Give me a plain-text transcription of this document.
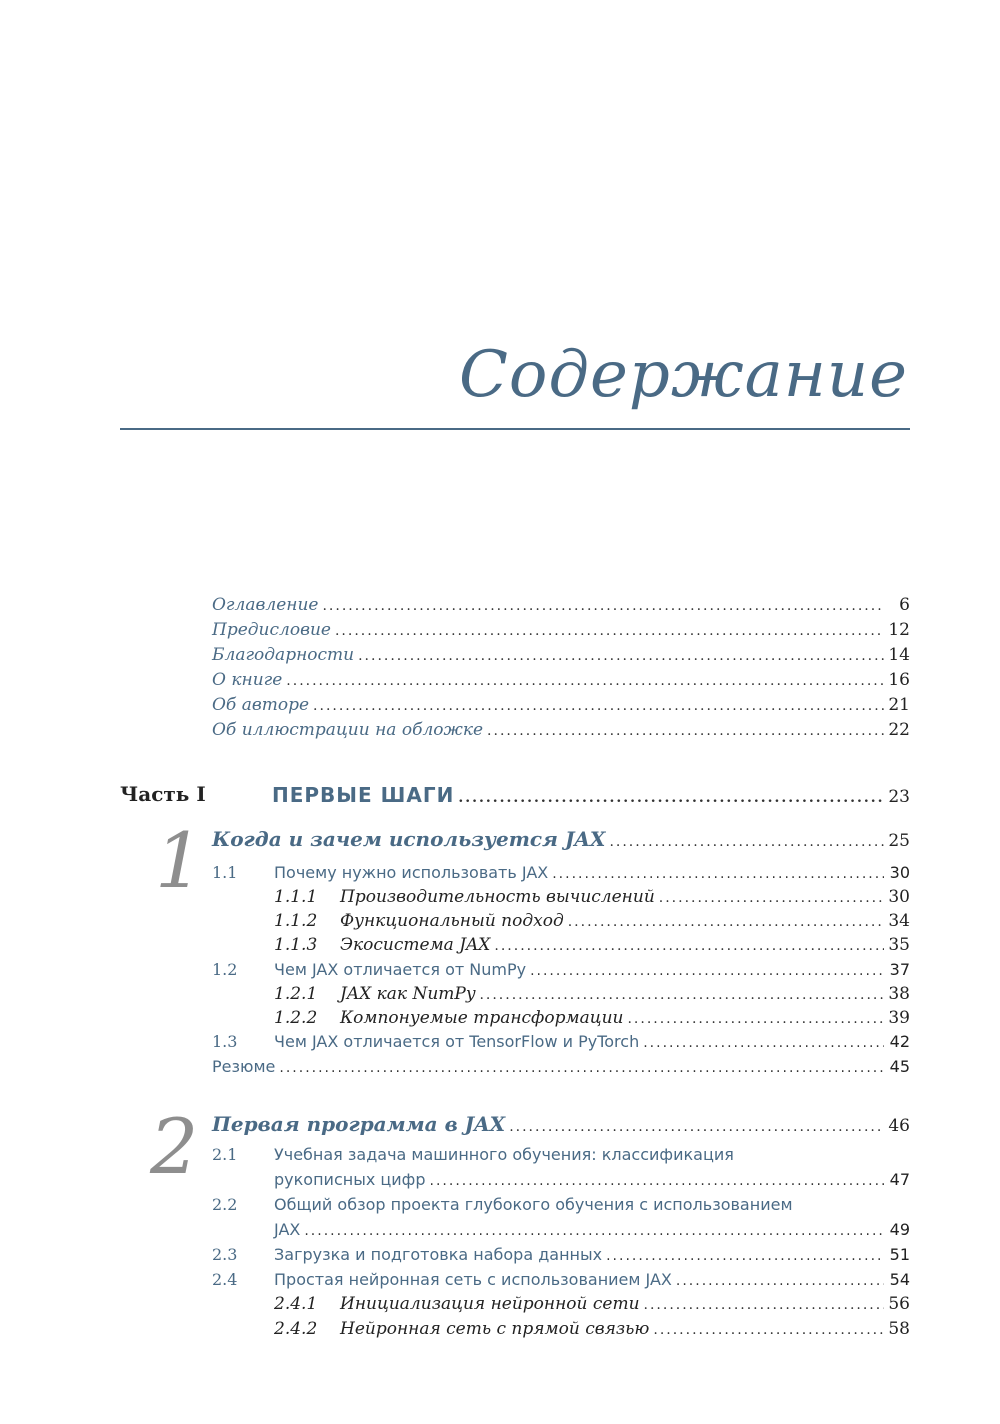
Содержание
Оглавление .....	6
Предисловие .....	12
Благодарности .....	14
О книге .....	16
Об авторе .....	21
Об иллюстрации на обложке .....	22
Часть I	ПЕРВЫЕ ШАГИ .....	23
1 Когда и зачем используется JAX .....	25
1.1	Почему нужно использовать JAX .....	30
1.1.1	Производительность вычислений .....	30
1.1.2	Функциональный подход .....	34
1.1.3	Экосистема JAX .....	35
1.2	Чем JAX отличается от NumPy .....	37
1.2.1	JAX как NumPy .....	38
1.2.2	Компонуемые трансформации .....	39
1.3	Чем JAX отличается от TensorFlow и PyTorch .....	42
Резюме .....	45
2 Первая программа в JAX .....	46
2.1	Учебная задача машинного обучения: классификация
рукописных цифр .....	47
2.2	Общий обзор проекта глубокого обучения с использованием
JAX .....	49
2.3	Загрузка и подготовка набора данных .....	51
2.4	Простая нейронная сеть с использованием JAX .....	54
2.4.1	Инициализация нейронной сети .....	56
2.4.2	Нейронная сеть с прямой связью .....	58
